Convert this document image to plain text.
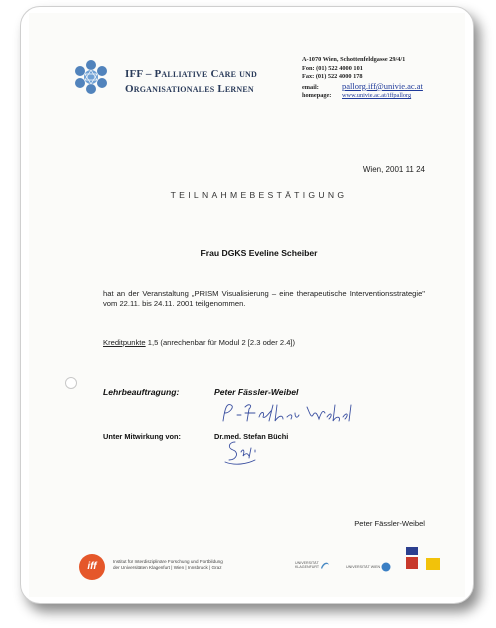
IFF – Palliative Care und
Organisationales Lernen
A-1070 Wien, Schottenfeldgasse 29/4/1
Fon: (01) 522 4000 101
Fax: (01) 522 4000 178
email:	pallorg.iff@univie.ac.at
homepage: www.univie.ac.at/iffpallorg
Wien, 2001 11 24
TEILNAHMEBESTÄTIGUNG
Frau DGKS Eveline Scheiber
hat an der Veranstaltung „PRISM Visualisierung – eine therapeutische Interventionsstrategie" vom 22.11. bis 24.11. 2001 teilgenommen.
Kreditpunkte 1,5 (anrechenbar für Modul 2 [2.3 oder 2.4])
Lehrbeauftragung:	Peter Fässler-Weibel
Unter Mitwirkung von:	Dr.med. Stefan Büchi
Peter Fässler-Weibel
iff	Institut für Interdisziplinäre Forschung und Fortbildung
der Universitäten Klagenfurt | Wien | Innsbruck | Graz
UNIVERSITÄT
KLAGENFURT
	UNIVERSITÄT WIEN
